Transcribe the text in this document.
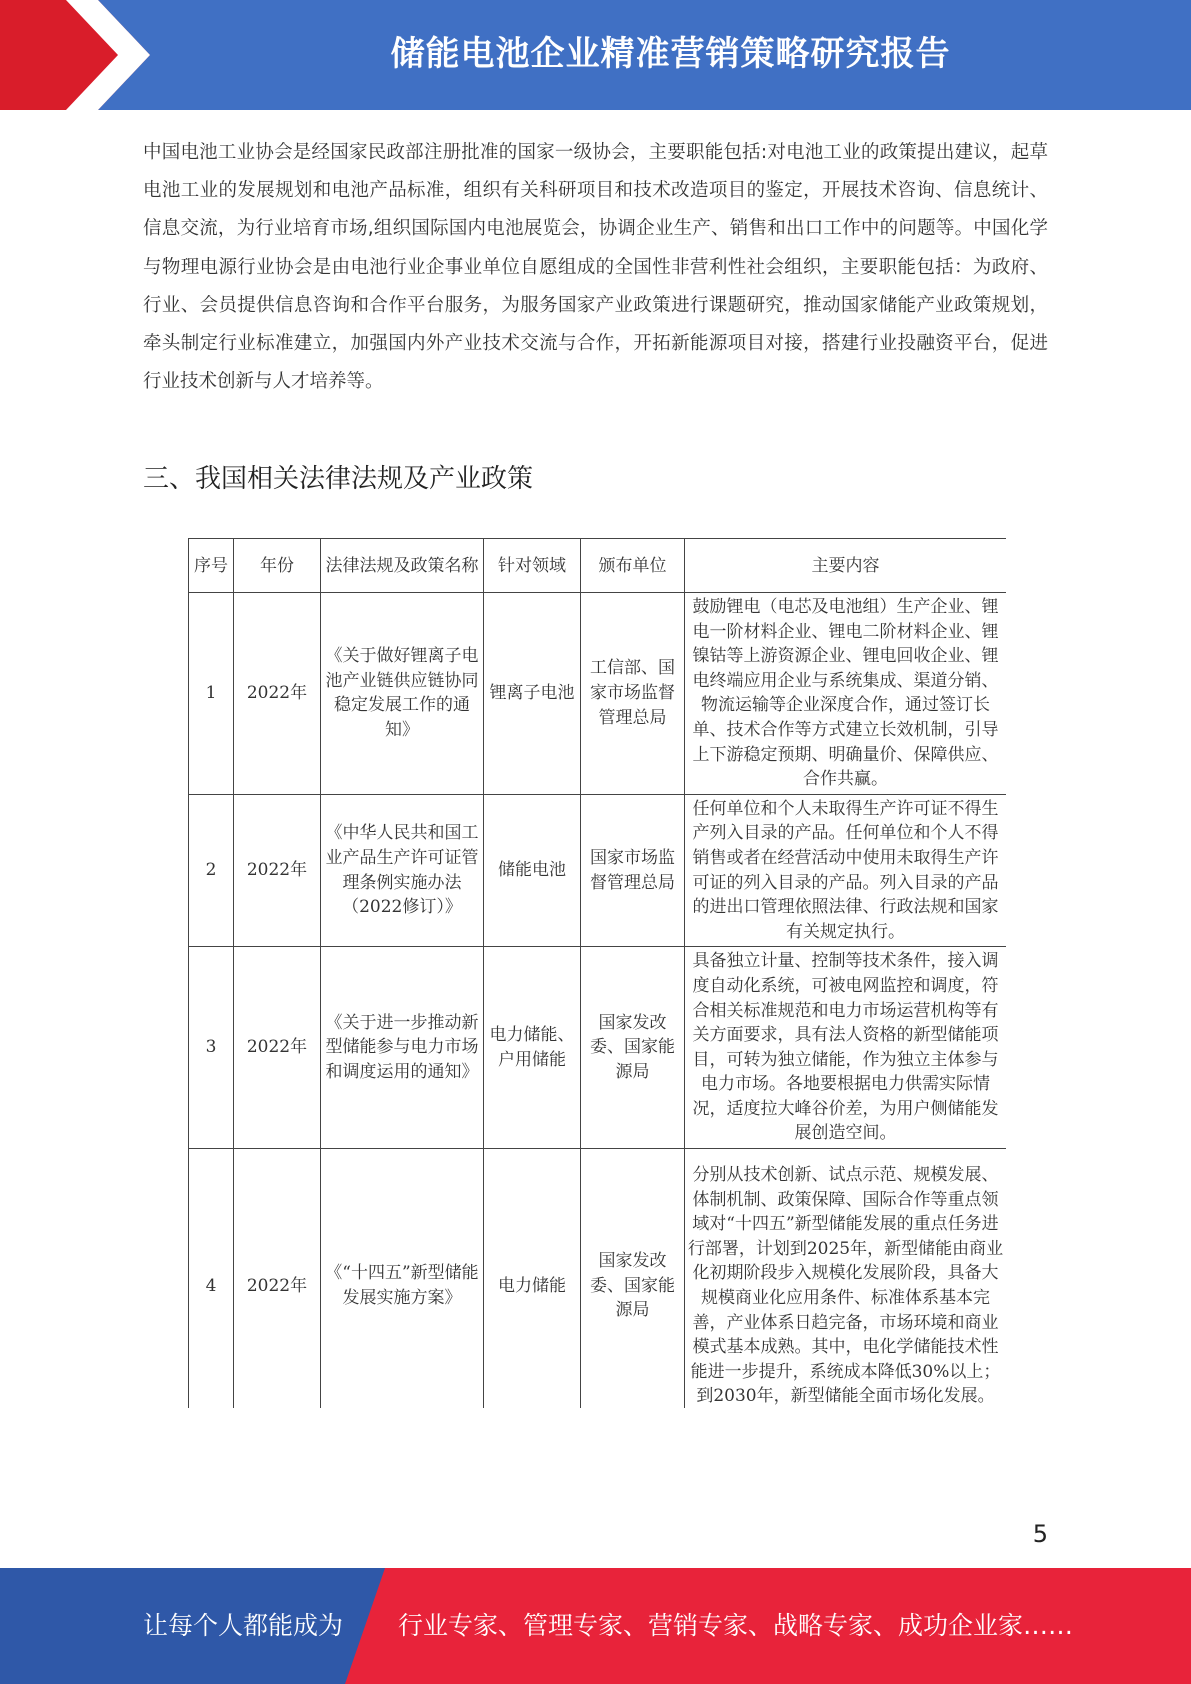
储能电池企业精准营销策略研究报告
中国电池工业协会是经国家民政部注册批准的国家一级协会，主要职能包括:对电池工业的政策提出建议，起草电池工业的发展规划和电池产品标准，组织有关科研项目和技术改造项目的鉴定，开展技术咨询、信息统计、信息交流，为行业培育市场,组织国际国内电池展览会，协调企业生产、销售和出口工作中的问题等。中国化学与物理电源行业协会是由电池行业企事业单位自愿组成的全国性非营利性社会组织，主要职能包括：为政府、行业、会员提供信息咨询和合作平台服务，为服务国家产业政策进行课题研究，推动国家储能产业政策规划，牵头制定行业标准建立，加强国内外产业技术交流与合作，开拓新能源项目对接，搭建行业投融资平台，促进行业技术创新与人才培养等。
三、我国相关法律法规及产业政策
序号	年份	法律法规及政策名称	针对领域	颁布单位	主要内容
1	2022年	《关于做好锂离子电池产业链供应链协同稳定发展工作的通知》	锂离子电池	工信部、国家市场监督管理总局	鼓励锂电（电芯及电池组）生产企业、锂电一阶材料企业、锂电二阶材料企业、锂镍钴等上游资源企业、锂电回收企业、锂电终端应用企业与系统集成、渠道分销、物流运输等企业深度合作，通过签订长单、技术合作等方式建立长效机制，引导上下游稳定预期、明确量价、保障供应、合作共赢。
2	2022年	《中华人民共和国工业产品生产许可证管理条例实施办法（2022修订）》	储能电池	国家市场监督管理总局	任何单位和个人未取得生产许可证不得生产列入目录的产品。任何单位和个人不得销售或者在经营活动中使用未取得生产许可证的列入目录的产品。列入目录的产品的进出口管理依照法律、行政法规和国家有关规定执行。
3	2022年	《关于进一步推动新型储能参与电力市场和调度运用的通知》	电力储能、户用储能	国家发改委、国家能源局	具备独立计量、控制等技术条件，接入调度自动化系统，可被电网监控和调度，符合相关标准规范和电力市场运营机构等有关方面要求，具有法人资格的新型储能项目，可转为独立储能，作为独立主体参与电力市场。各地要根据电力供需实际情况，适度拉大峰谷价差，为用户侧储能发展创造空间。
4	2022年	《“十四五”新型储能发展实施方案》	电力储能	国家发改委、国家能源局	分别从技术创新、试点示范、规模发展、体制机制、政策保障、国际合作等重点领域对“十四五”新型储能发展的重点任务进行部署，计划到2025年，新型储能由商业化初期阶段步入规模化发展阶段，具备大规模商业化应用条件、标准体系基本完善，产业体系日趋完备，市场环境和商业模式基本成熟。其中，电化学储能技术性能进一步提升，系统成本降低30%以上；到2030年，新型储能全面市场化发展。

5
让每个人都能成为 行业专家、管理专家、营销专家、战略专家、成功企业家……
